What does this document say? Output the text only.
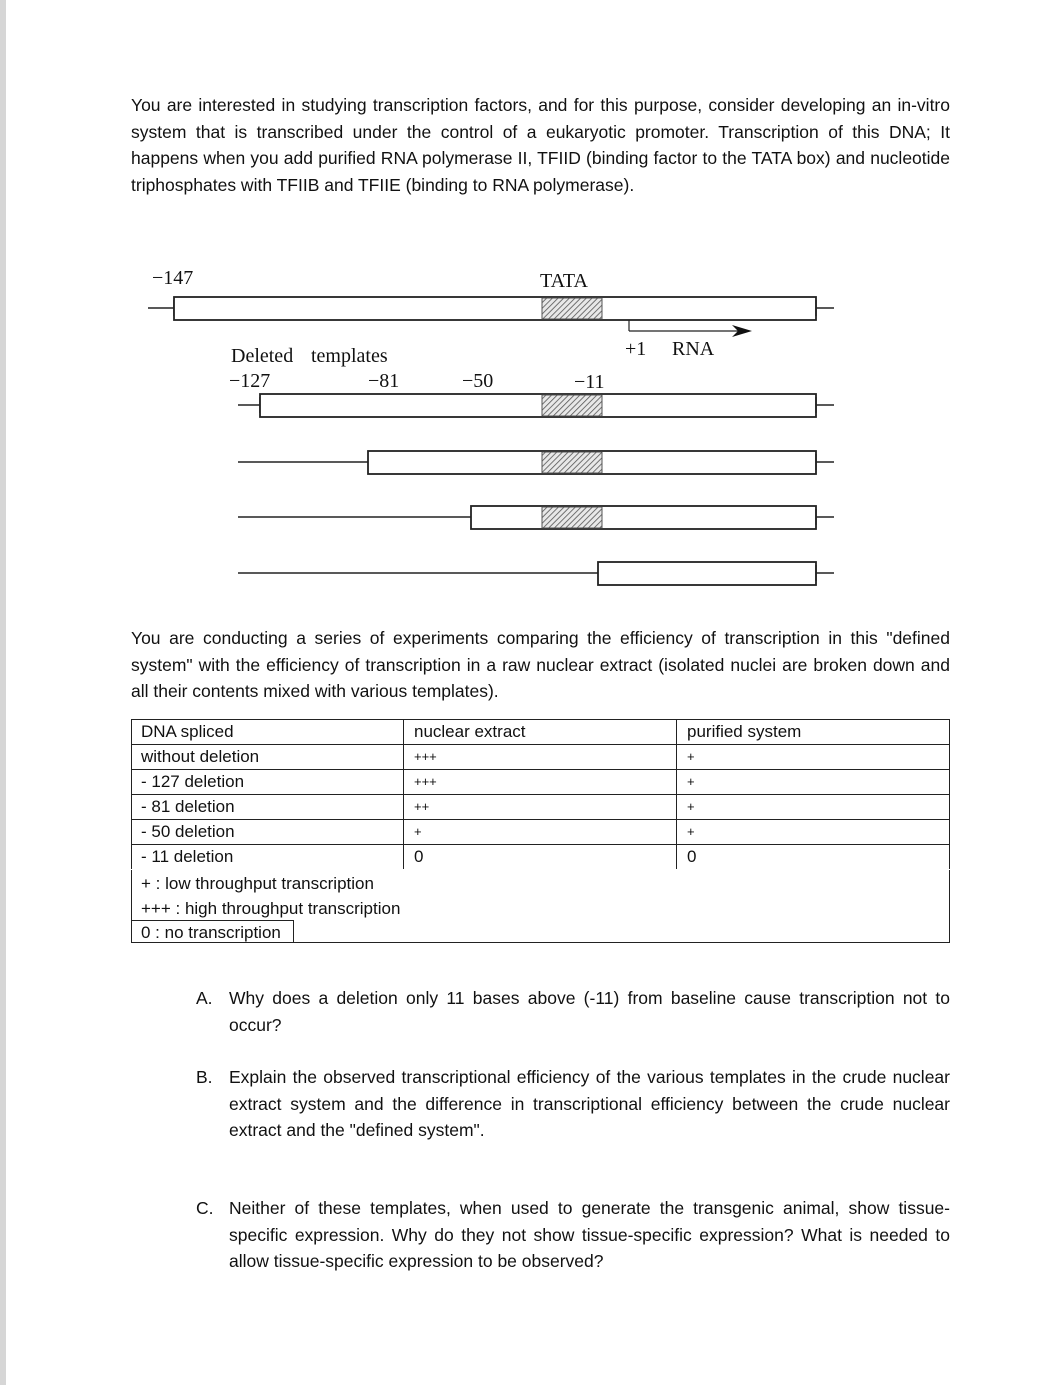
You are interested in studying transcription factors, and for this purpose, consider developing an in-vitro system that is transcribed under the control of a eukaryotic promoter. Transcription of this DNA; It happens when you add purified RNA polymerase II, TFIID (binding factor to the TATA box) and nucleotide triphosphates with TFIIB and TFIIE (binding to RNA polymerase).

−147	TATA
+1 RNA
Deleted templates
−127	−81	−50	−11

You are conducting a series of experiments comparing the efficiency of transcription in this "defined system" with the efficiency of transcription in a raw nuclear extract (isolated nuclei are broken down and all their contents mixed with various templates).

DNA spliced	nuclear extract	purified system
without deletion	+++	+
- 127 deletion	+++	+
- 81 deletion	++	+
- 50 deletion	+	+
- 11 deletion	0	0
+ : low throughput transcription
+++ : high throughput transcription
0 : no transcription
A. Why does a deletion only 11 bases above (-11) from baseline cause transcription not to occur?
B. Explain the observed transcriptional efficiency of the various templates in the crude nuclear extract system and the difference in transcriptional efficiency between the crude nuclear extract and the "defined system".
C. Neither of these templates, when used to generate the transgenic animal, show tissue-specific expression. Why do they not show tissue-specific expression? What is needed to allow tissue-specific expression to be observed?
